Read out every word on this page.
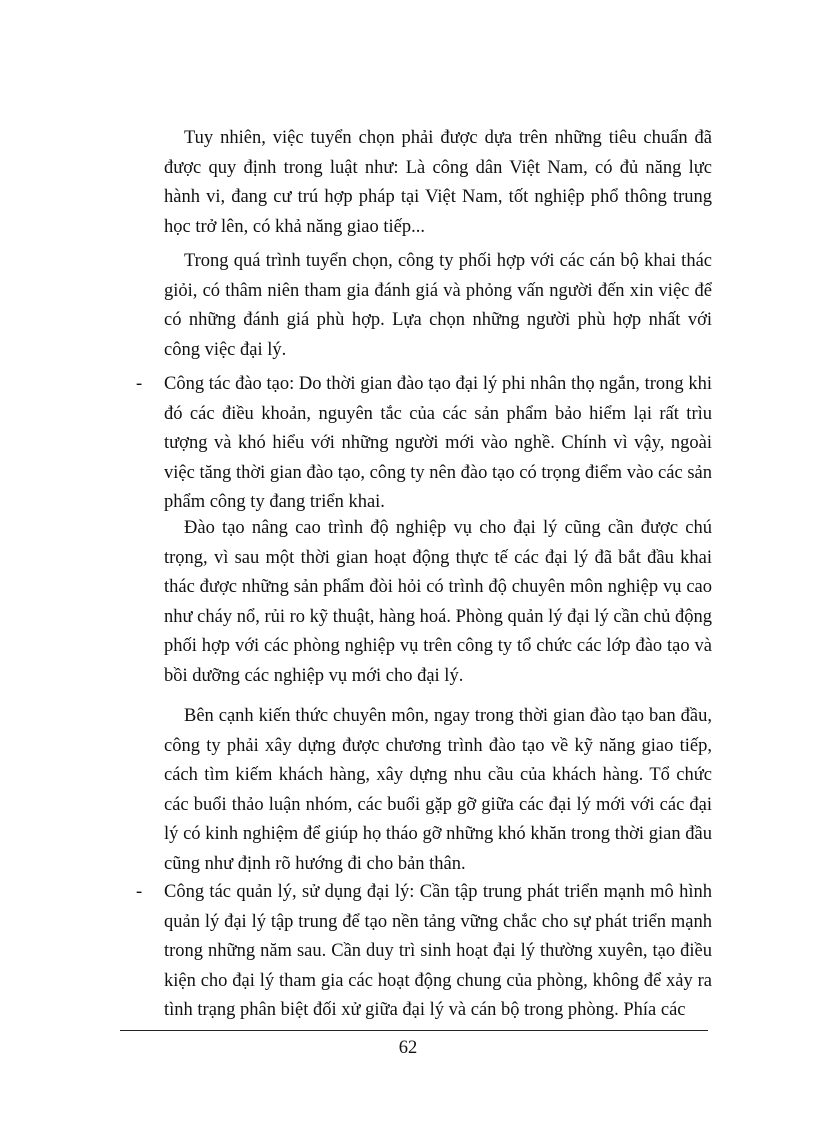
Tuy nhiên, việc tuyển chọn phải được dựa trên những tiêu chuẩn đã được quy định trong luật như: Là công dân Việt Nam, có đủ năng lực hành vi, đang cư trú hợp pháp tại Việt Nam, tốt nghiệp phổ thông trung học trở lên, có khả năng giao tiếp...

Trong quá trình tuyển chọn, công ty phối hợp với các cán bộ khai thác giỏi, có thâm niên tham gia đánh giá và phỏng vấn người đến xin việc để có những đánh giá phù hợp. Lựa chọn những người phù hợp nhất với công việc đại lý.

- Công tác đào tạo: Do thời gian đào tạo đại lý phi nhân thọ ngắn, trong khi đó các điều khoản, nguyên tắc của các sản phẩm bảo hiểm lại rất trìu tượng và khó hiểu với những người mới vào nghề. Chính vì vậy, ngoài việc tăng thời gian đào tạo, công ty nên đào tạo có trọng điểm vào các sản phẩm công ty đang triển khai.

Đào tạo nâng cao trình độ nghiệp vụ cho đại lý cũng cần được chú trọng, vì sau một thời gian hoạt động thực tế các đại lý đã bắt đầu khai thác được những sản phẩm đòi hỏi có trình độ chuyên môn nghiệp vụ cao như cháy nổ, rủi ro kỹ thuật, hàng hoá. Phòng quản lý đại lý cần chủ động phối hợp với các phòng nghiệp vụ trên công ty tổ chức các lớp đào tạo và bồi dưỡng các nghiệp vụ mới cho đại lý.

Bên cạnh kiến thức chuyên môn, ngay trong thời gian đào tạo ban đầu, công ty phải xây dựng được chương trình đào tạo về kỹ năng giao tiếp, cách tìm kiếm khách hàng, xây dựng nhu cầu của khách hàng. Tổ chức các buổi thảo luận nhóm, các buổi gặp gỡ giữa các đại lý mới với các đại lý có kinh nghiệm để giúp họ tháo gỡ những khó khăn trong thời gian đầu cũng như định rõ hướng đi cho bản thân.

- Công tác quản lý, sử dụng đại lý: Cần tập trung phát triển mạnh mô hình quản lý đại lý tập trung để tạo nền tảng vững chắc cho sự phát triển mạnh trong những năm sau. Cần duy trì sinh hoạt đại lý thường xuyên, tạo điều kiện cho đại lý tham gia các hoạt động chung của phòng, không để xảy ra tình trạng phân biệt đối xử giữa đại lý và cán bộ trong phòng. Phía các

62
